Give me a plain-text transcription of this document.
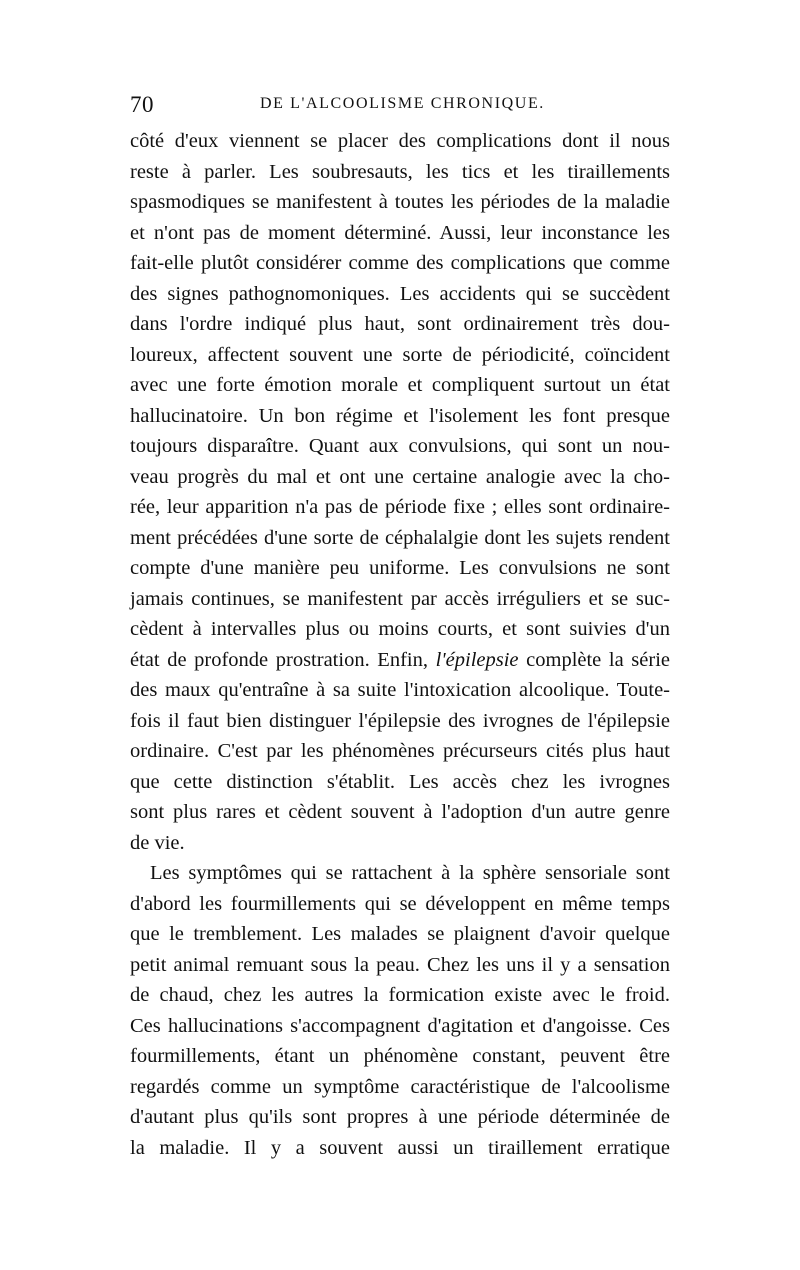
70	DE L'ALCOOLISME CHRONIQUE.
côté d'eux viennent se placer des complications dont il nous
reste à parler. Les soubresauts, les tics et les tiraillements
spasmodiques se manifestent à toutes les périodes de la maladie
et n'ont pas de moment déterminé. Aussi, leur inconstance les
fait-elle plutôt considérer comme des complications que comme
des signes pathognomoniques. Les accidents qui se succèdent
dans l'ordre indiqué plus haut, sont ordinairement très dou-
loureux, affectent souvent une sorte de périodicité, coïncident
avec une forte émotion morale et compliquent surtout un état
hallucinatoire. Un bon régime et l'isolement les font presque
toujours disparaître. Quant aux convulsions, qui sont un nou-
veau progrès du mal et ont une certaine analogie avec la cho-
rée, leur apparition n'a pas de période fixe ; elles sont ordinaire-
ment précédées d'une sorte de céphalalgie dont les sujets rendent
compte d'une manière peu uniforme. Les convulsions ne sont
jamais continues, se manifestent par accès irréguliers et se suc-
cèdent à intervalles plus ou moins courts, et sont suivies d'un
état de profonde prostration. Enfin, l'épilepsie complète la série
des maux qu'entraîne à sa suite l'intoxication alcoolique. Toute-
fois il faut bien distinguer l'épilepsie des ivrognes de l'épilepsie
ordinaire. C'est par les phénomènes précurseurs cités plus haut
que cette distinction s'établit. Les accès chez les ivrognes
sont plus rares et cèdent souvent à l'adoption d'un autre genre
de vie.
Les symptômes qui se rattachent à la sphère sensoriale sont
d'abord les fourmillements qui se développent en même temps
que le tremblement. Les malades se plaignent d'avoir quelque
petit animal remuant sous la peau. Chez les uns il y a sensation
de chaud, chez les autres la formication existe avec le froid.
Ces hallucinations s'accompagnent d'agitation et d'angoisse. Ces
fourmillements, étant un phénomène constant, peuvent être
regardés comme un symptôme caractéristique de l'alcoolisme
d'autant plus qu'ils sont propres à une période déterminée de
la maladie. Il y a souvent aussi un tiraillement erratique
